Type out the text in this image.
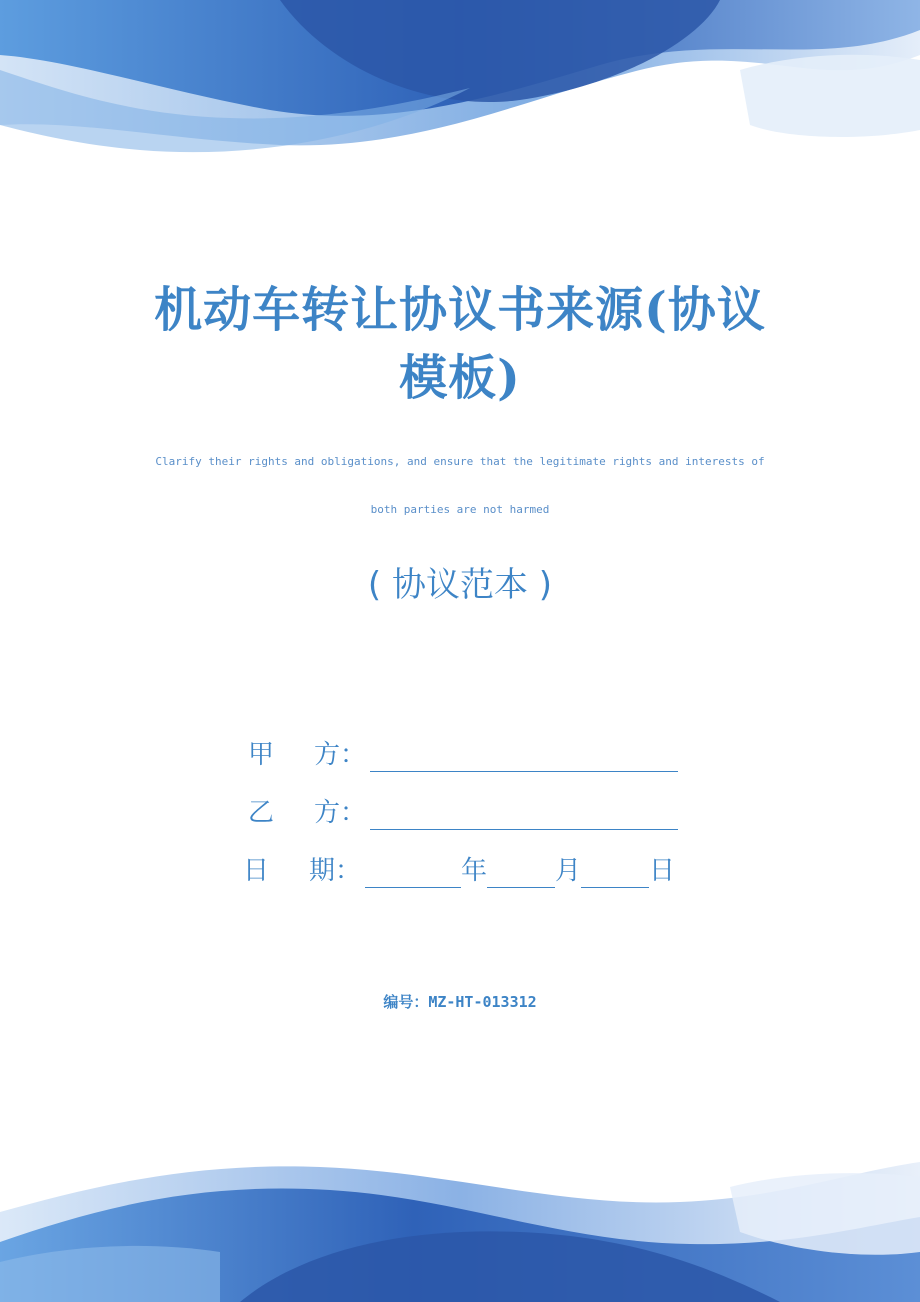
机动车转让协议书来源(协议
模板)
Clarify their rights and obligations, and ensure that the legitimate rights and interests of
both parties are not harmed
( 协议范本 )
甲 方：
乙 方：
日 期：	年	月	日
编号：MZ-HT-013312
